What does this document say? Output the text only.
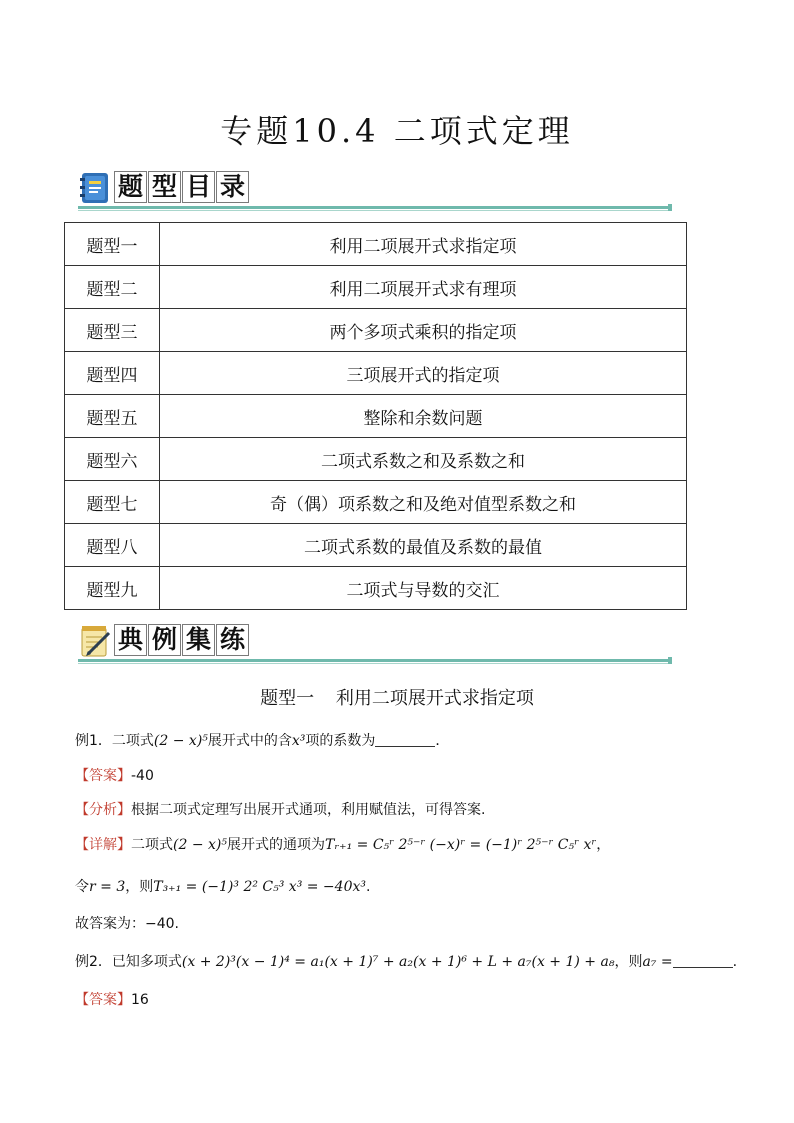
专题10.4 二项式定理
题 型 目 录
题型一	利用二项展开式求指定项
题型二	利用二项展开式求有理项
题型三	两个多项式乘积的指定项
题型四	三项展开式的指定项
题型五	整除和余数问题
题型六	二项式系数之和及系数之和
题型七	奇（偶）项系数之和及绝对值型系数之和
题型八	二项式系数的最值及系数的最值
题型九	二项式与导数的交汇
典 例 集 练
题型一 利用二项展开式求指定项
例1．二项式(2 − x)⁵展开式中的含x³项的系数为	．
【答案】-40
【分析】根据二项式定理写出展开式通项，利用赋值法，可得答案.
【详解】二项式(2 − x)⁵展开式的通项为Tᵣ₊₁ = C₅ʳ 2⁵⁻ʳ (−x)ʳ = (−1)ʳ 2⁵⁻ʳ C₅ʳ xʳ，
令r = 3，则T₃₊₁ = (−1)³ 2² C₅³ x³ = −40x³.
故答案为：−40.
例2．已知多项式(x + 2)³(x − 1)⁴ = a₁(x + 1)⁷ + a₂(x + 1)⁶ + L + a₇(x + 1) + a₈，则a₇ =	.
【答案】16
